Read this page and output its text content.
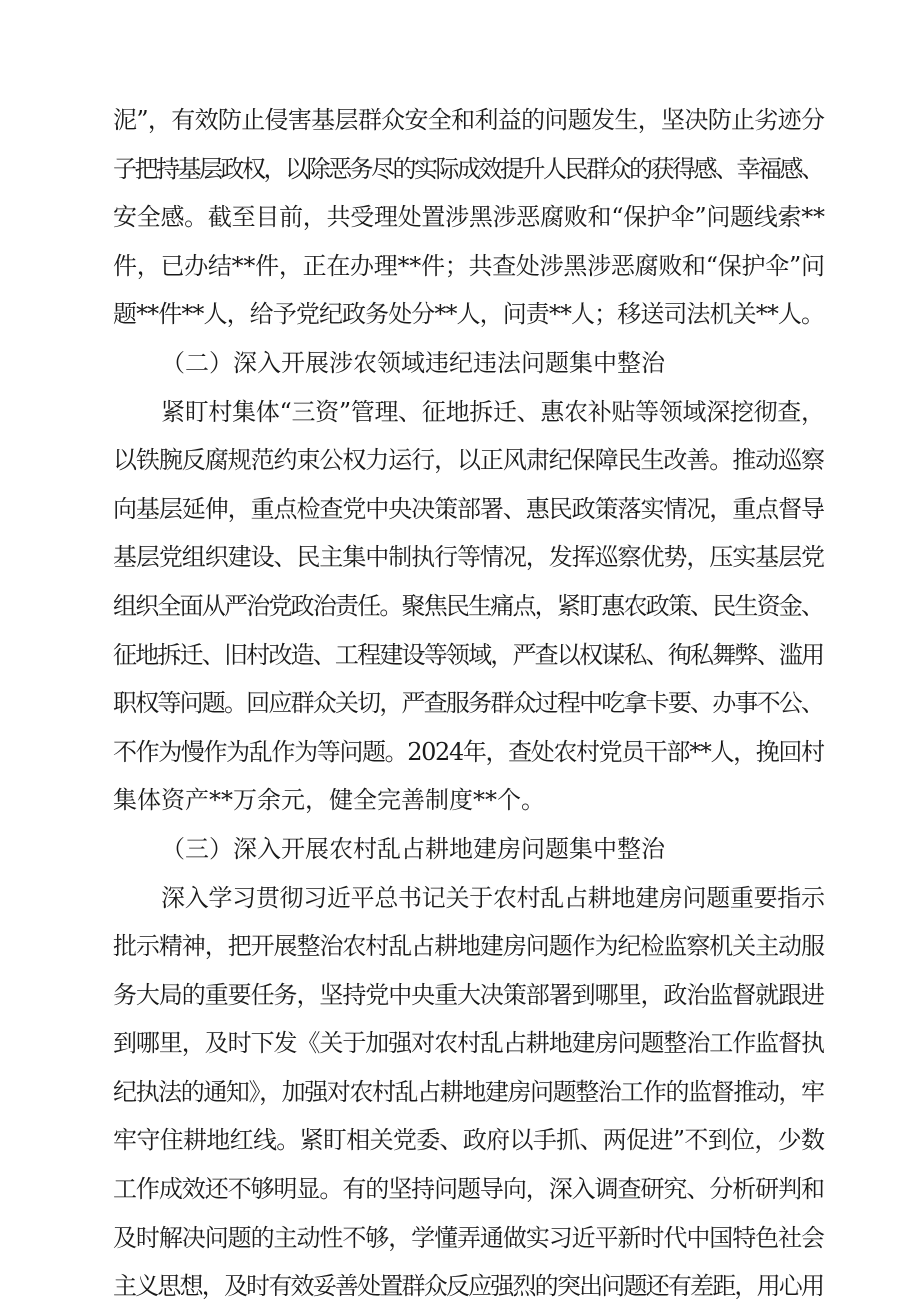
泥”，有效防止侵害基层群众安全和利益的问题发生，坚决防止劣迹分
子把持基层政权，以除恶务尽的实际成效提升人民群众的获得感、幸福感、
安全感。截至目前，共受理处置涉黑涉恶腐败和“保护伞”问题线索**
件，已办结**件，正在办理**件；共查处涉黑涉恶腐败和“保护伞”问
题**件**人，给予党纪政务处分**人，问责**人；移送司法机关**人。
（二）深入开展涉农领域违纪违法问题集中整治
紧盯村集体“三资”管理、征地拆迁、惠农补贴等领域深挖彻查，
以铁腕反腐规范约束公权力运行，以正风肃纪保障民生改善。推动巡察
向基层延伸，重点检查党中央决策部署、惠民政策落实情况，重点督导
基层党组织建设、民主集中制执行等情况，发挥巡察优势，压实基层党
组织全面从严治党政治责任。聚焦民生痛点，紧盯惠农政策、民生资金、
征地拆迁、旧村改造、工程建设等领域，严查以权谋私、徇私舞弊、滥用
职权等问题。回应群众关切，严查服务群众过程中吃拿卡要、办事不公、
不作为慢作为乱作为等问题。2024年，查处农村党员干部**人，挽回村
集体资产**万余元，健全完善制度**个。
（三）深入开展农村乱占耕地建房问题集中整治
深入学习贯彻习近平总书记关于农村乱占耕地建房问题重要指示
批示精神，把开展整治农村乱占耕地建房问题作为纪检监察机关主动服
务大局的重要任务，坚持党中央重大决策部署到哪里，政治监督就跟进
到哪里，及时下发《关于加强对农村乱占耕地建房问题整治工作监督执
纪执法的通知》，加强对农村乱占耕地建房问题整治工作的监督推动，牢
牢守住耕地红线。紧盯相关党委、政府以手抓、两促进”不到位，少数
工作成效还不够明显。有的坚持问题导向，深入调查研究、分析研判和
及时解决问题的主动性不够，学懂弄通做实习近平新时代中国特色社会
主义思想，及时有效妥善处置群众反应强烈的突出问题还有差距，用心用
